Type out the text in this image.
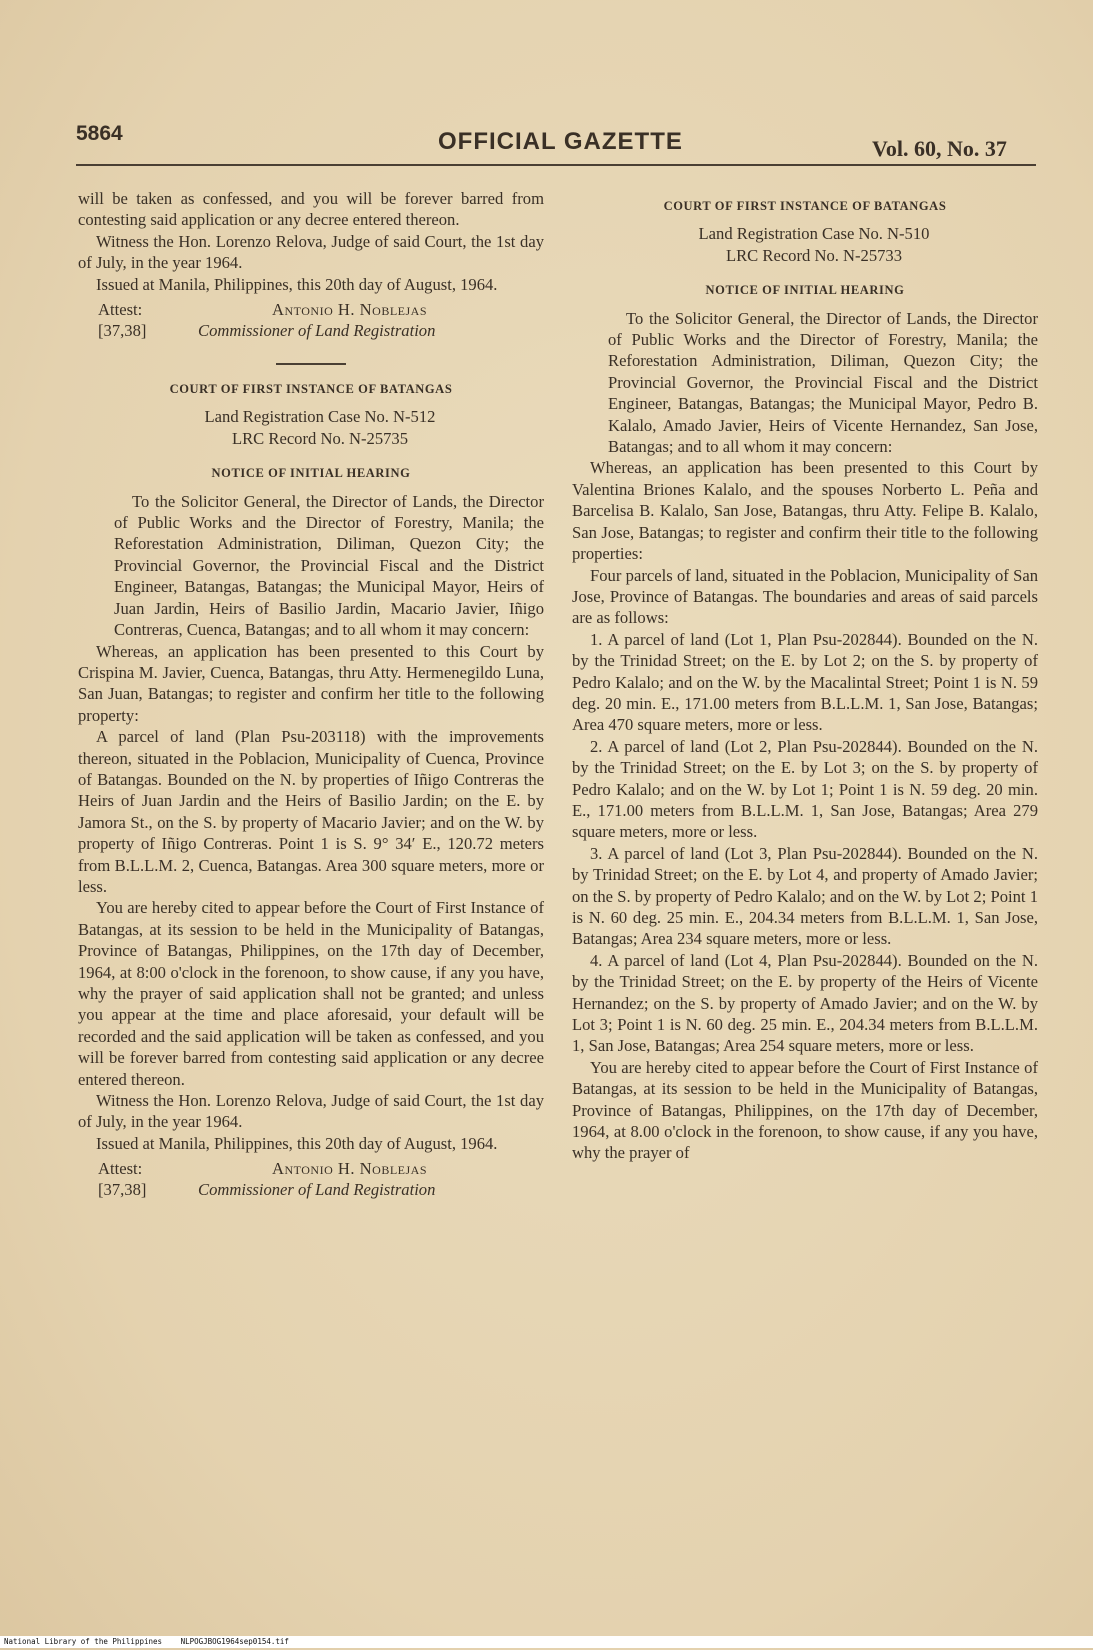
5864	OFFICIAL GAZETTE	Vol. 60, No. 37

will be taken as confessed, and you will be forever barred from contesting said application or any decree entered thereon.

Witness the Hon. Lorenzo Relova, Judge of said Court, the 1st day of July, in the year 1964.

Issued at Manila, Philippines, this 20th day of August, 1964.

Attest:
[37,38]
Antonio H. Noblejas
Commissioner of Land Registration
COURT OF FIRST INSTANCE OF BATANGAS

Land Registration Case No. N-512

LRC Record No. N-25735

NOTICE OF INITIAL HEARING

To the Solicitor General, the Director of Lands, the Director of Public Works and the Director of Forestry, Manila; the Reforestation Administration, Diliman, Quezon City; the Provincial Governor, the Provincial Fiscal and the District Engineer, Batangas, Batangas; the Municipal Mayor, Heirs of Juan Jardin, Heirs of Basilio Jardin, Macario Javier, Iñigo Contreras, Cuenca, Batangas; and to all whom it may concern:

Whereas, an application has been presented to this Court by Crispina M. Javier, Cuenca, Batangas, thru Atty. Hermenegildo Luna, San Juan, Batangas; to register and confirm her title to the following property:

A parcel of land (Plan Psu-203118) with the improvements thereon, situated in the Poblacion, Municipality of Cuenca, Province of Batangas. Bounded on the N. by properties of Iñigo Contreras the Heirs of Juan Jardin and the Heirs of Basilio Jardin; on the E. by Jamora St., on the S. by property of Macario Javier; and on the W. by property of Iñigo Contreras. Point 1 is S. 9° 34′ E., 120.72 meters from B.L.L.M. 2, Cuenca, Batangas. Area 300 square meters, more or less.

You are hereby cited to appear before the Court of First Instance of Batangas, at its session to be held in the Municipality of Batangas, Province of Batangas, Philippines, on the 17th day of December, 1964, at 8:00 o'clock in the forenoon, to show cause, if any you have, why the prayer of said application shall not be granted; and unless you appear at the time and place aforesaid, your default will be recorded and the said application will be taken as confessed, and you will be forever barred from contesting said application or any decree entered thereon.

Witness the Hon. Lorenzo Relova, Judge of said Court, the 1st day of July, in the year 1964.

Issued at Manila, Philippines, this 20th day of August, 1964.

Attest:
[37,38]
Antonio H. Noblejas
Commissioner of Land Registration
COURT OF FIRST INSTANCE OF BATANGAS

Land Registration Case No. N-510

LRC Record No. N-25733

NOTICE OF INITIAL HEARING

To the Solicitor General, the Director of Lands, the Director of Public Works and the Director of Forestry, Manila; the Reforestation Administration, Diliman, Quezon City; the Provincial Governor, the Provincial Fiscal and the District Engineer, Batangas, Batangas; the Municipal Mayor, Pedro B. Kalalo, Amado Javier, Heirs of Vicente Hernandez, San Jose, Batangas; and to all whom it may concern:

Whereas, an application has been presented to this Court by Valentina Briones Kalalo, and the spouses Norberto L. Peña and Barcelisa B. Kalalo, San Jose, Batangas, thru Atty. Felipe B. Kalalo, San Jose, Batangas; to register and confirm their title to the following properties:

Four parcels of land, situated in the Poblacion, Municipality of San Jose, Province of Batangas. The boundaries and areas of said parcels are as follows:

1. A parcel of land (Lot 1, Plan Psu-202844). Bounded on the N. by the Trinidad Street; on the E. by Lot 2; on the S. by property of Pedro Kalalo; and on the W. by the Macalintal Street; Point 1 is N. 59 deg. 20 min. E., 171.00 meters from B.L.L.M. 1, San Jose, Batangas; Area 470 square meters, more or less.

2. A parcel of land (Lot 2, Plan Psu-202844). Bounded on the N. by the Trinidad Street; on the E. by Lot 3; on the S. by property of Pedro Kalalo; and on the W. by Lot 1; Point 1 is N. 59 deg. 20 min. E., 171.00 meters from B.L.L.M. 1, San Jose, Batangas; Area 279 square meters, more or less.

3. A parcel of land (Lot 3, Plan Psu-202844). Bounded on the N. by Trinidad Street; on the E. by Lot 4, and property of Amado Javier; on the S. by property of Pedro Kalalo; and on the W. by Lot 2; Point 1 is N. 60 deg. 25 min. E., 204.34 meters from B.L.L.M. 1, San Jose, Batangas; Area 234 square meters, more or less.

4. A parcel of land (Lot 4, Plan Psu-202844). Bounded on the N. by the Trinidad Street; on the E. by property of the Heirs of Vicente Hernandez; on the S. by property of Amado Javier; and on the W. by Lot 3; Point 1 is N. 60 deg. 25 min. E., 204.34 meters from B.L.L.M. 1, San Jose, Batangas; Area 254 square meters, more or less.

You are hereby cited to appear before the Court of First Instance of Batangas, at its session to be held in the Municipality of Batangas, Province of Batangas, Philippines, on the 17th day of December, 1964, at 8.00 o'clock in the forenoon, to show cause, if any you have, why the prayer of

National Library of the Philippines NLPOGJBOG1964sep0154.tif
